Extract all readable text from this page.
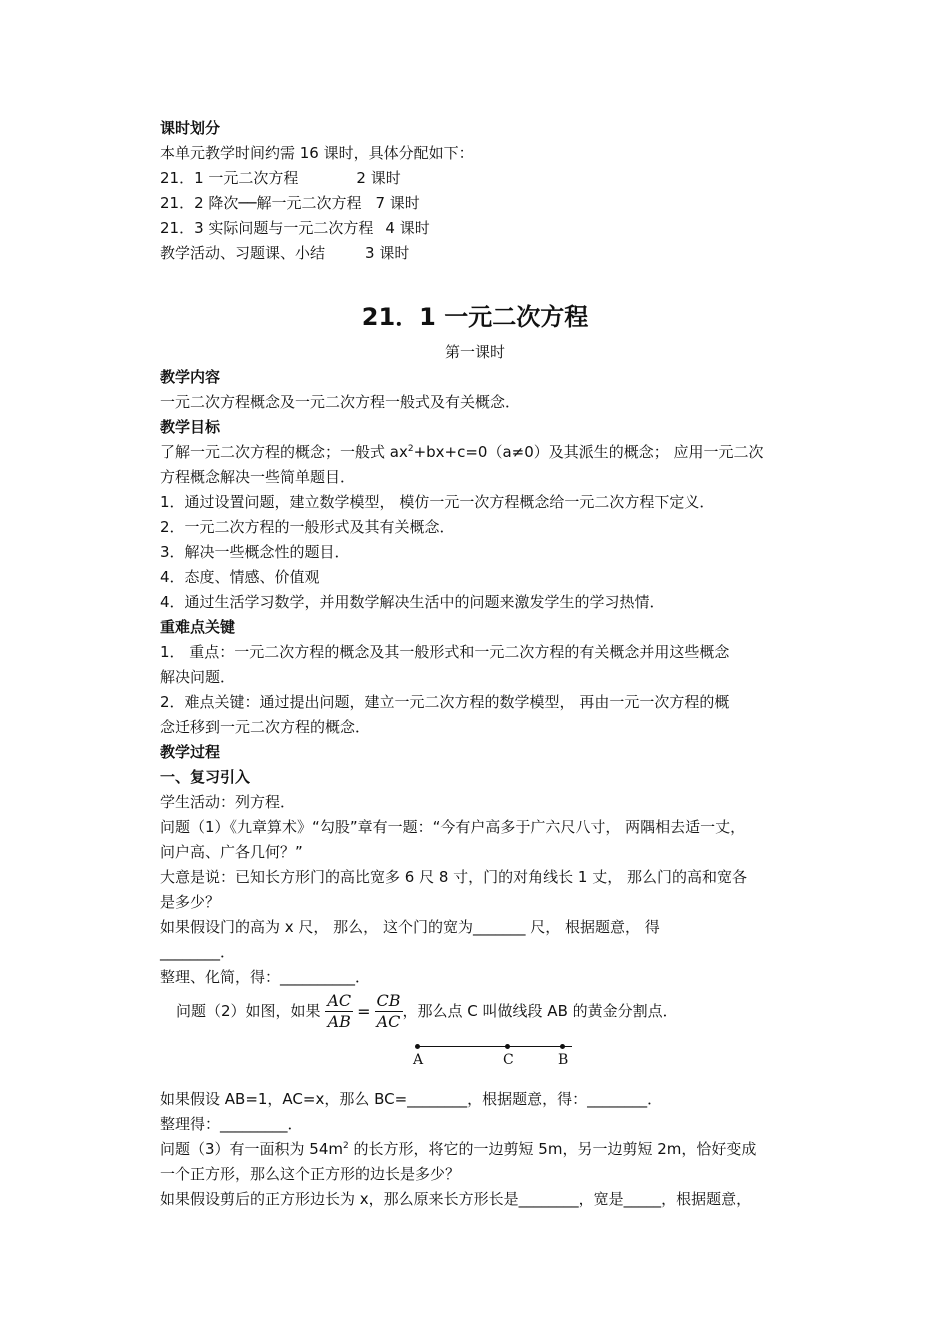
课时划分
本单元教学时间约需 16 课时，具体分配如下：
21．1 一元二次方程	2 课时
21．2 降次──解一元二次方程 7 课时
21．3 实际问题与一元二次方程 4 课时
教学活动、习题课、小结	3 课时
21．1 一元二次方程
第一课时
教学内容
一元二次方程概念及一元二次方程一般式及有关概念．
教学目标
了解一元二次方程的概念；一般式 $ax^2+bx+c=0(a\ne 0)$及其派生的概念； 应用一元二次
方程概念解决一些简单题目．
1．通过设置问题，建立数学模型， 模仿一元一次方程概念给一元二次方程下定义．
2．一元二次方程的一般形式及其有关概念．
3．解决一些概念性的题目．
4．态度、情感、价值观
4．通过生活学习数学，并用数学解决生活中的问题来激发学生的学习热情．
重难点关键
1． 重点：一元二次方程的概念及其一般形式和一元二次方程的有关概念并用这些概念
解决问题．
2．难点关键：通过提出问题，建立一元二次方程的数学模型， 再由一元一次方程的概
念迁移到一元二次方程的概念．
教学过程
一、复习引入
学生活动：列方程．
问题（1）《九章算术》“勾股”章有一题：“今有户高多于广六尺八寸， 两隅相去适一丈，
问户高、广各几何？”
大意是说：已知长方形门的高比宽多 6 尺 8 寸，门的对角线长 1 丈， 那么门的高和宽各
是多少？
如果假设门的高为 x 尺， 那么， 这个门的宽为_______ 尺， 根据题意， 得
________．
整理、化简，得：__________．
问题（2）如图，如果 $\frac{AC}{AB} = \frac{CB}{AC}$ ，那么点 C 叫做线段 AB 的黄金分割点．
A	C	B
如果假设 AB=1，AC=x，那么 BC=________，根据题意，得：________．
整理得：_________．
问题（3）有一面积为 $54m^2$ 的长方形，将它的一边剪短 5m，另一边剪短 2m，恰好变成
一个正方形，那么这个正方形的边长是多少？
如果假设剪后的正方形边长为 x，那么原来长方形长是________，宽是_____，根据题意，
